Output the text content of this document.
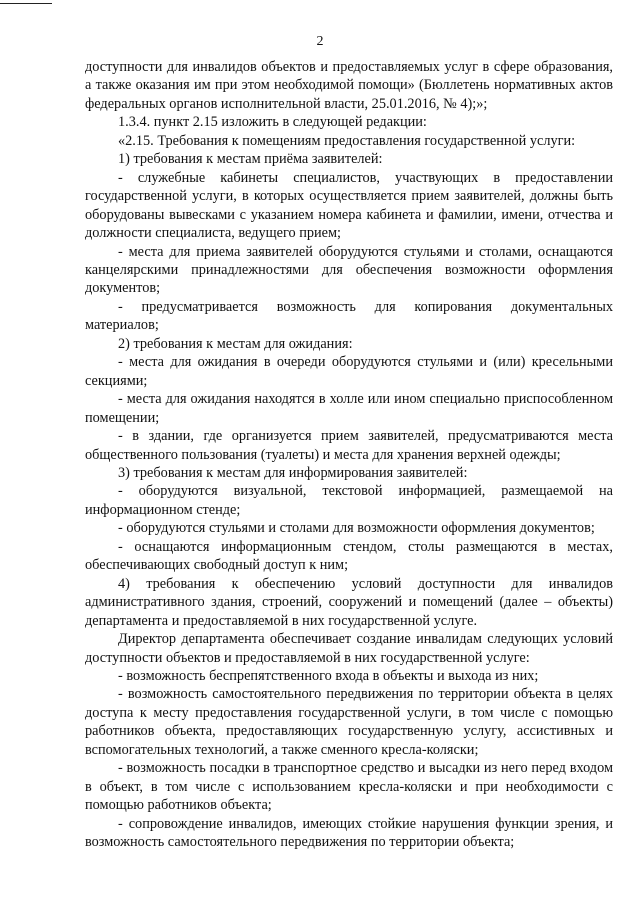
2

доступности для инвалидов объектов и предоставляемых услуг в сфере образования, а также оказания им при этом необходимой помощи» (Бюллетень нормативных актов федеральных органов исполнительной власти, 25.01.2016, № 4);»;

1.3.4. пункт 2.15 изложить в следующей редакции:

«2.15. Требования к помещениям предоставления государственной услуги:

1) требования к местам приёма заявителей:

- служебные кабинеты специалистов, участвующих в предоставлении государственной услуги, в которых осуществляется прием заявителей, должны быть оборудованы вывесками с указанием номера кабинета и фамилии, имени, отчества и должности специалиста, ведущего прием;

- места для приема заявителей оборудуются стульями и столами, оснащаются канцелярскими принадлежностями для обеспечения возможности оформления документов;

- предусматривается возможность для копирования документальных материалов;

2) требования к местам для ожидания:

- места для ожидания в очереди оборудуются стульями и (или) кресельными секциями;

- места для ожидания находятся в холле или ином специально приспособленном помещении;

- в здании, где организуется прием заявителей, предусматриваются места общественного пользования (туалеты) и места для хранения верхней одежды;

3) требования к местам для информирования заявителей:

- оборудуются визуальной, текстовой информацией, размещаемой на информационном стенде;

- оборудуются стульями и столами для возможности оформления документов;

- оснащаются информационным стендом, столы размещаются в местах, обеспечивающих свободный доступ к ним;

4) требования к обеспечению условий доступности для инвалидов административного здания, строений, сооружений и помещений (далее – объекты) департамента и предоставляемой в них государственной услуге.

Директор департамента обеспечивает создание инвалидам следующих условий доступности объектов и предоставляемой в них государственной услуге:

- возможность беспрепятственного входа в объекты и выхода из них;

- возможность самостоятельного передвижения по территории объекта в целях доступа к месту предоставления государственной услуги, в том числе с помощью работников объекта, предоставляющих государственную услугу, ассистивных и вспомогательных технологий, а также сменного кресла-коляски;

- возможность посадки в транспортное средство и высадки из него перед входом в объект, в том числе с использованием кресла-коляски и при необходимости с помощью работников объекта;

- сопровождение инвалидов, имеющих стойкие нарушения функции зрения, и возможность самостоятельного передвижения по территории объекта;
